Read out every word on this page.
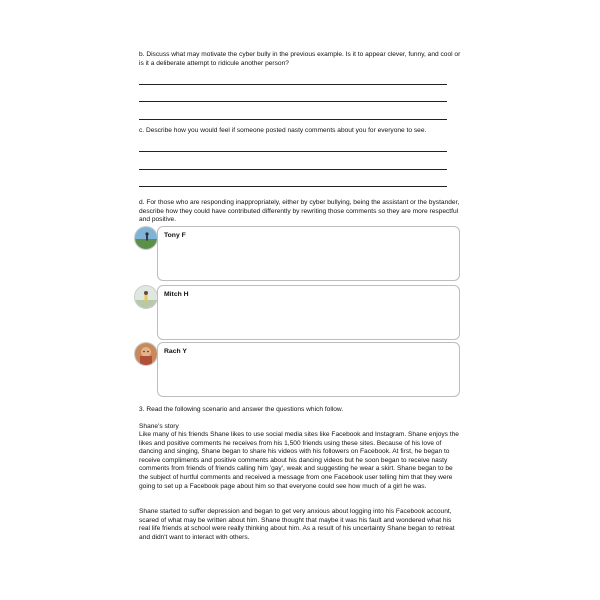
b. Discuss what may motivate the cyber bully in the previous example. Is it to appear clever, funny, and cool or is it a deliberate attempt to ridicule another person?

c. Describe how you would feel if someone posted nasty comments about you for everyone to see.

d. For those who are responding inappropriately, either by cyber bullying, being the assistant or the bystander, describe how they could have contributed differently by rewriting those comments so they are more respectful and positive.

Tony F

Mitch H

Rach Y

3. Read the following scenario and answer the questions which follow.

Shane's story

Like many of his friends Shane likes to use social media sites like Facebook and Instagram. Shane enjoys the likes and positive comments he receives from his 1,500 friends using these sites. Because of his love of dancing and singing, Shane began to share his videos with his followers on Facebook. At first, he began to receive compliments and positive comments about his dancing videos but he soon began to receive nasty comments from friends of friends calling him 'gay', weak and suggesting he wear a skirt. Shane began to be the subject of hurtful comments and received a message from one Facebook user telling him that they were going to set up a Facebook page about him so that everyone could see how much of a girl he was.

Shane started to suffer depression and began to get very anxious about logging into his Facebook account, scared of what may be written about him. Shane thought that maybe it was his fault and wondered what his real life friends at school were really thinking about him. As a result of his uncertainty Shane began to retreat and didn't want to interact with others.
